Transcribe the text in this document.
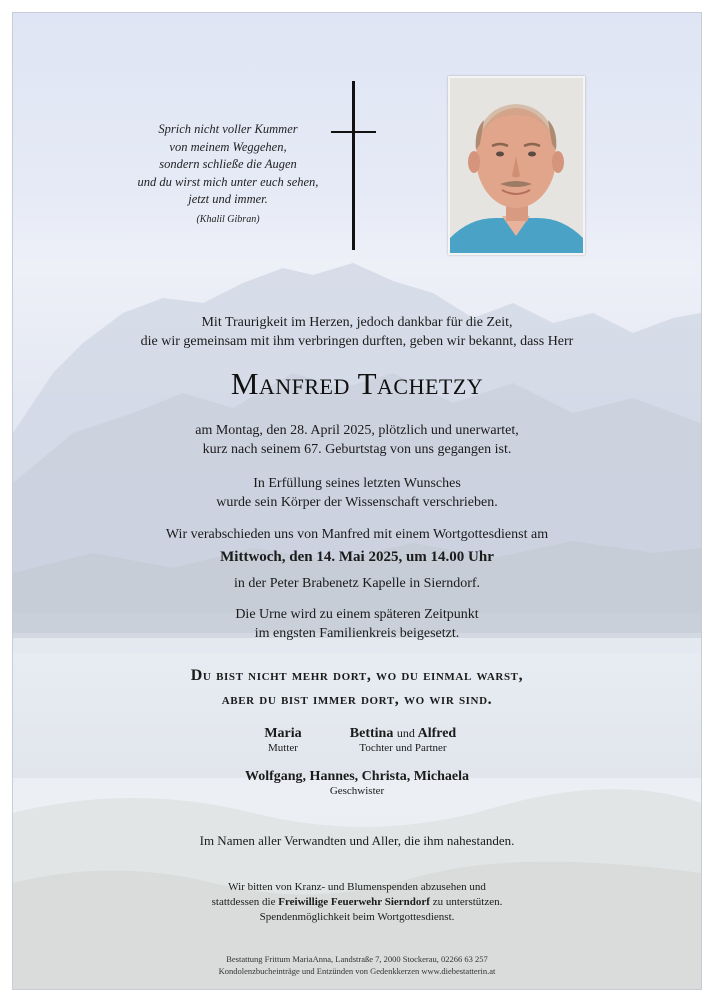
Sprich nicht voller Kummer
von meinem Weggehen,
sondern schließe die Augen
und du wirst mich unter euch sehen,
jetzt und immer.
(Khalil Gibran)
Mit Traurigkeit im Herzen, jedoch dankbar für die Zeit,
die wir gemeinsam mit ihm verbringen durften, geben wir bekannt, dass Herr
Manfred Tachetzy
am Montag, den 28. April 2025, plötzlich und unerwartet,
kurz nach seinem 67. Geburtstag von uns gegangen ist.
In Erfüllung seines letzten Wunsches
wurde sein Körper der Wissenschaft verschrieben.
Wir verabschieden uns von Manfred mit einem Wortgottesdienst am
Mittwoch, den 14. Mai 2025, um 14.00 Uhr
in der Peter Brabenetz Kapelle in Sierndorf.
Die Urne wird zu einem späteren Zeitpunkt
im engsten Familienkreis beigesetzt.
Du bist nicht mehr dort, wo du einmal warst,
aber du bist immer dort, wo wir sind.
Maria
Mutter
Bettina und Alfred
Tochter und Partner
Wolfgang, Hannes, Christa, Michaela
Geschwister
Im Namen aller Verwandten und Aller, die ihm nahestanden.
Wir bitten von Kranz- und Blumenspenden abzusehen und
stattdessen die Freiwillige Feuerwehr Sierndorf zu unterstützen.
Spendenmöglichkeit beim Wortgottesdienst.
Bestattung Frittum MariaAnna, Landstraße 7, 2000 Stockerau, 02266 63 257
Kondolenzbucheinträge und Entzünden von Gedenkkerzen www.diebestatterin.at
